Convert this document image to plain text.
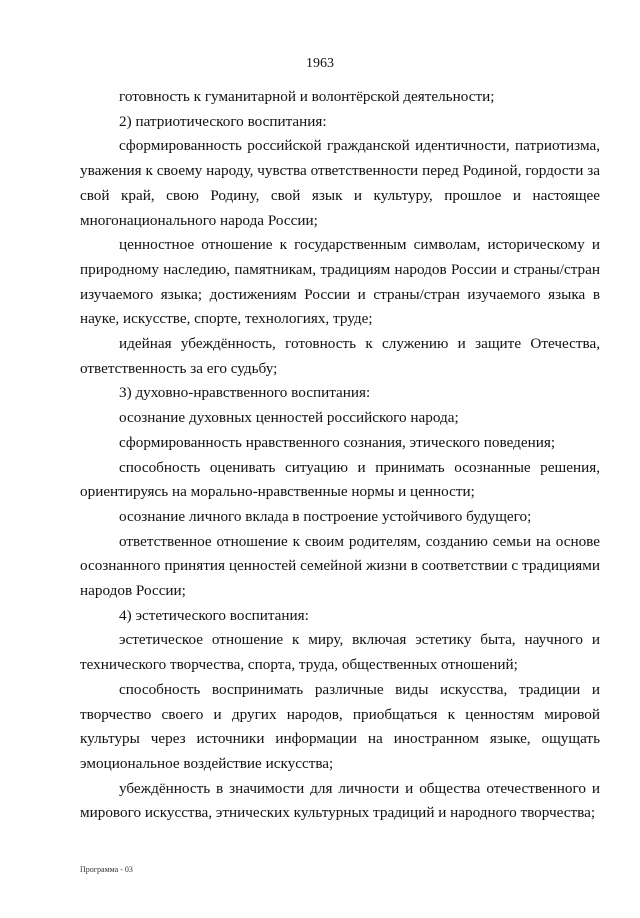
1963

готовность к гуманитарной и волонтёрской деятельности;

2) патриотического воспитания:

сформированность российской гражданской идентичности, патриотизма, уважения к своему народу, чувства ответственности перед Родиной, гордости за свой край, свою Родину, свой язык и культуру, прошлое и настоящее многонационального народа России;

ценностное отношение к государственным символам, историческому и природному наследию, памятникам, традициям народов России и страны/стран изучаемого языка; достижениям России и страны/стран изучаемого языка в науке, искусстве, спорте, технологиях, труде;

идейная убеждённость, готовность к служению и защите Отечества, ответственность за его судьбу;

3) духовно-нравственного воспитания:

осознание духовных ценностей российского народа;

сформированность нравственного сознания, этического поведения;

способность оценивать ситуацию и принимать осознанные решения, ориентируясь на морально-нравственные нормы и ценности;

осознание личного вклада в построение устойчивого будущего;

ответственное отношение к своим родителям, созданию семьи на основе осознанного принятия ценностей семейной жизни в соответствии с традициями народов России;

4) эстетического воспитания:

эстетическое отношение к миру, включая эстетику быта, научного и технического творчества, спорта, труда, общественных отношений;

способность воспринимать различные виды искусства, традиции и творчество своего и других народов, приобщаться к ценностям мировой культуры через источники информации на иностранном языке, ощущать эмоциональное воздействие искусства;

убеждённость в значимости для личности и общества отечественного и мирового искусства, этнических культурных традиций и народного творчества;

Программа - 03
